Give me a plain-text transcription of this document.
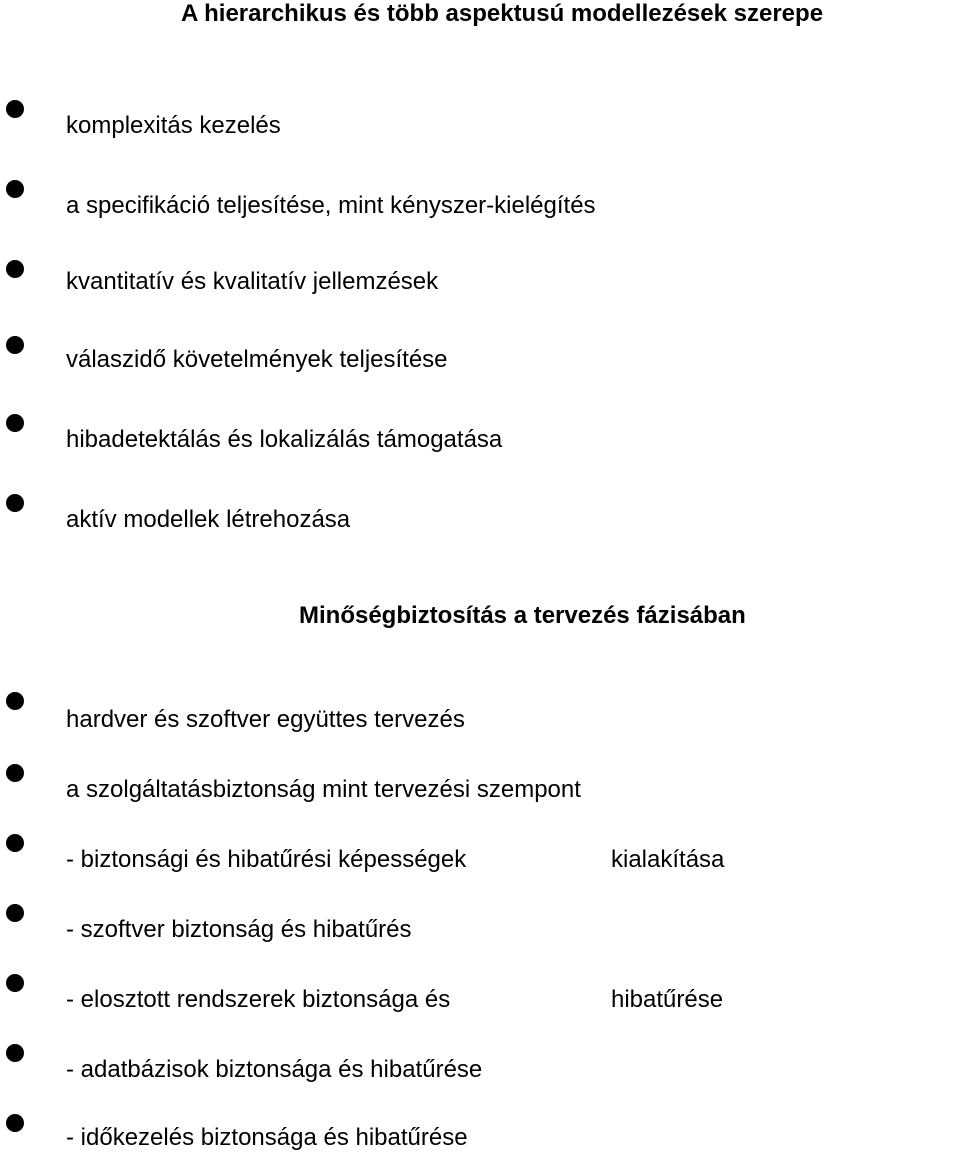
A hierarchikus és több aspektusú modellezések szerepe
komplexitás kezelés
a specifikáció teljesítése, mint kényszer-kielégítés
kvantitatív és kvalitatív jellemzések
válaszidő követelmények teljesítése
hibadetektálás és lokalizálás támogatása
aktív modellek létrehozása
Minőségbiztosítás a tervezés fázisában
hardver és szoftver együttes tervezés
a szolgáltatásbiztonság mint tervezési szempont
- biztonsági és hibatűrési képességek	kialakítása
- szoftver biztonság és hibatűrés
- elosztott rendszerek biztonsága és	hibatűrése
- adatbázisok biztonsága és hibatűrése
- időkezelés biztonsága és hibatűrése
